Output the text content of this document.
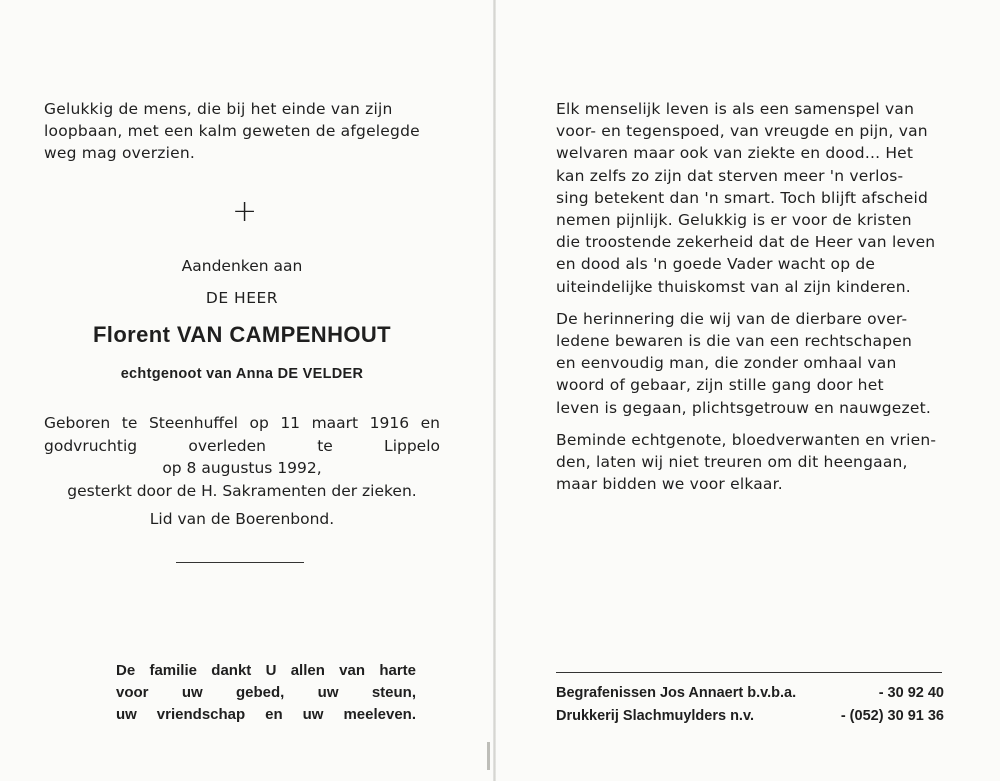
Gelukkig de mens, die bij het einde van zijn

loopbaan, met een kalm geweten de afgelegde

weg mag overzien.

+
Aandenken aan
DE HEER
Florent VAN CAMPENHOUT
echtgenoot van Anna DE VELDER

Geboren te Steenhuffel op 11 maart 1916 en

godvruchtig overleden te Lippelo

op 8 augustus 1992,

gesterkt door de H. Sakramenten der zieken.

Lid van de Boerenbond.

De familie dankt U allen van harte

voor uw gebed, uw steun,

uw vriendschap en uw meeleven.

Elk menselijk leven is als een samenspel van

voor- en tegenspoed, van vreugde en pijn, van

welvaren maar ook van ziekte en dood... Het

kan zelfs zo zijn dat sterven meer 'n verlos-

sing betekent dan 'n smart. Toch blijft afscheid

nemen pijnlijk. Gelukkig is er voor de kristen

die troostende zekerheid dat de Heer van leven

en dood als 'n goede Vader wacht op de

uiteindelijke thuiskomst van al zijn kinderen.

De herinnering die wij van de dierbare over-

ledene bewaren is die van een rechtschapen

en eenvoudig man, die zonder omhaal van

woord of gebaar, zijn stille gang door het

leven is gegaan, plichtsgetrouw en nauwgezet.

Beminde echtgenote, bloedverwanten en vrien-

den, laten wij niet treuren om dit heengaan,

maar bidden we voor elkaar.

Begrafenissen Jos Annaert b.v.b.a.	- 30 92 40
Drukkerij Slachmuylders n.v.	- (052) 30 91 36
